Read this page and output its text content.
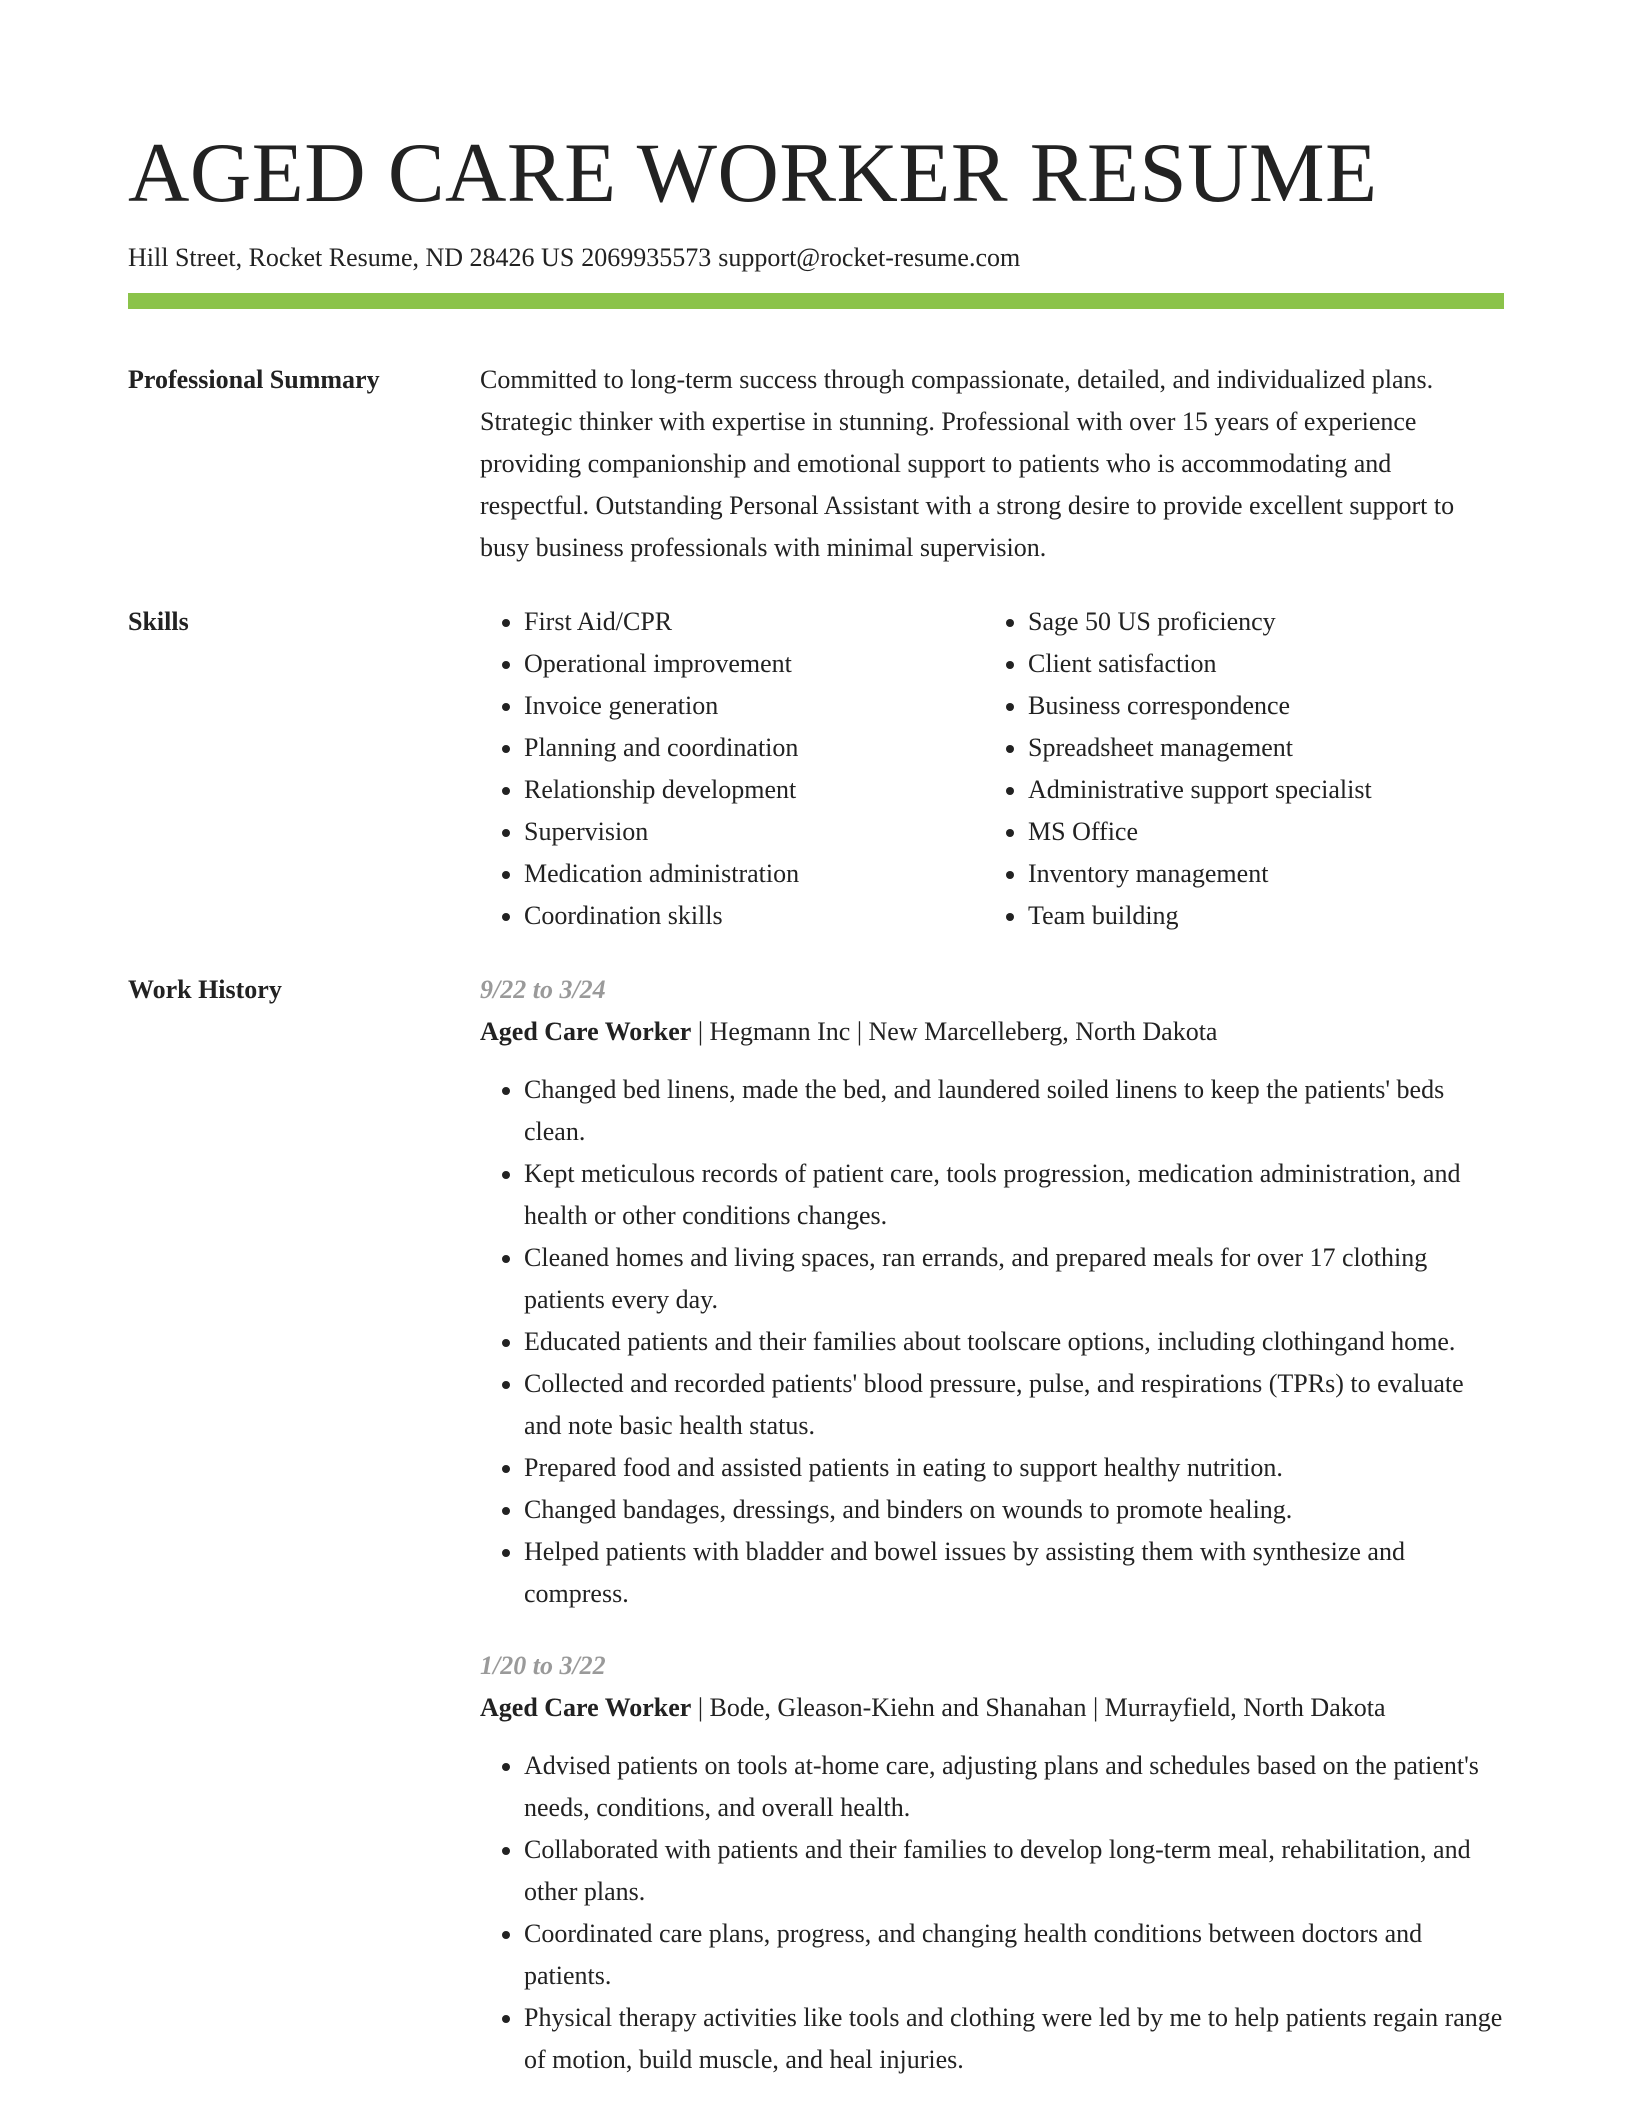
AGED CARE WORKER RESUME
Hill Street, Rocket Resume, ND 28426 US 2069935573 support@rocket-resume.com
Professional Summary	Committed to long-term success through compassionate, detailed, and individualized plans. Strategic thinker with expertise in stunning. Professional with over 15 years of experience providing companionship and emotional support to patients who is accommodating and respectful. Outstanding Personal Assistant with a strong desire to provide excellent support to busy business professionals with minimal supervision.
Skills
•	First Aid/CPR
• Operational improvement
• Invoice generation
• Planning and coordination
• Relationship development
• Supervision
• Medication administration
• Coordination skills
• Sage 50 US proficiency
• Client satisfaction
• Business correspondence
• Spreadsheet management
• Administrative support specialist
• MS Office
• Inventory management
• Team building
Work History	9/22 to 3/24
Aged Care Worker | Hegmann Inc | New Marcelleberg, North Dakota
• Changed bed linens, made the bed, and laundered soiled linens to keep the patients' beds clean.
• Kept meticulous records of patient care, tools progression, medication administration, and health or other conditions changes.
• Cleaned homes and living spaces, ran errands, and prepared meals for over 17 clothing patients every day.
• Educated patients and their families about toolscare options, including clothingand home.
• Collected and recorded patients' blood pressure, pulse, and respirations (TPRs) to evaluate and note basic health status.
• Prepared food and assisted patients in eating to support healthy nutrition.
• Changed bandages, dressings, and binders on wounds to promote healing.
• Helped patients with bladder and bowel issues by assisting them with synthesize and compress.
1/20 to 3/22
Aged Care Worker | Bode, Gleason-Kiehn and Shanahan | Murrayfield, North Dakota
• Advised patients on tools at-home care, adjusting plans and schedules based on the patient's needs, conditions, and overall health.
• Collaborated with patients and their families to develop long-term meal, rehabilitation, and other plans.
• Coordinated care plans, progress, and changing health conditions between doctors and patients.
• Physical therapy activities like tools and clothing were led by me to help patients regain range of motion, build muscle, and heal injuries.
